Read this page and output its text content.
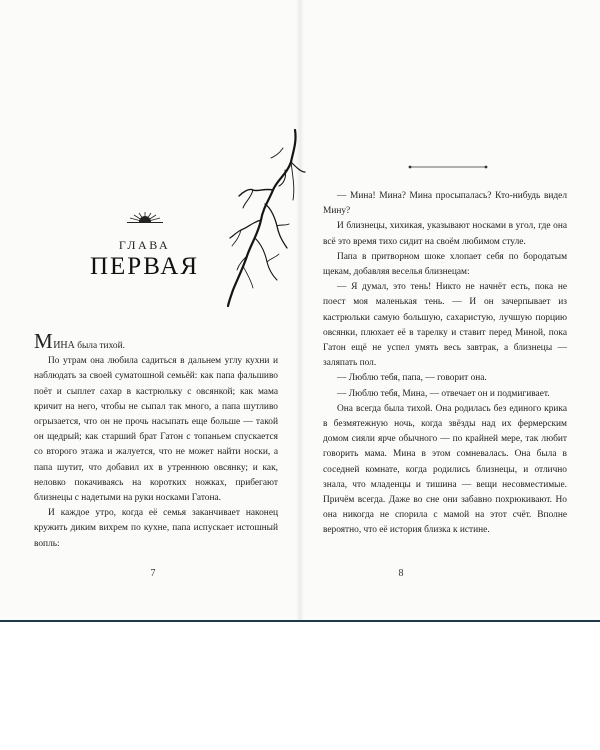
ГЛАВА
ПЕРВАЯ

МИНА была тихой.

По утрам она любила садиться в дальнем углу кухни и наблюдать за своей суматошной семьёй: как папа фальшиво поёт и сыплет сахар в кастрюльку с овсянкой; как мама кричит на него, чтобы не сыпал так много, а папа шутливо огрызается, что он не прочь насыпать еще больше — такой он щедрый; как старший брат Гатон с топаньем спускается со второго этажа и жалуется, что не может найти носки, а папа шутит, что добавил их в утреннюю овсянку; и как, неловко покачиваясь на коротких ножках, прибегают близнецы с надетыми на руки носками Гатона.

И каждое утро, когда её семья заканчивает наконец кружить диким вихрем по кухне, папа испускает истошный вопль:

7

— Мина! Мина? Мина просыпалась? Кто-нибудь видел Мину?

И близнецы, хихикая, указывают носками в угол, где она всё это время тихо сидит на своём любимом стуле.

Папа в притворном шоке хлопает себя по бородатым щекам, добавляя веселья близнецам:

— Я думал, это тень! Никто не начнёт есть, пока не поест моя маленькая тень. — И он зачерпывает из кастрюльки самую большую, сахаристую, лучшую порцию овсянки, плюхает её в тарелку и ставит перед Миной, пока Гатон ещё не успел умять весь завтрак, а близнецы — заляпать пол.

— Люблю тебя, папа, — говорит она.

— Люблю тебя, Мина, — отвечает он и подмигивает.

Она всегда была тихой. Она родилась без единого крика в безмятежную ночь, когда звёзды над их фермерским домом сияли ярче обычного — по крайней мере, так любит говорить мама. Мина в этом сомневалась. Она была в соседней комнате, когда родились близнецы, и отлично знала, что младенцы и тишина — вещи несовместимые. Причём всегда. Даже во сне они забавно похрюкивают. Но она никогда не спорила с мамой на этот счёт. Вполне вероятно, что её история близка к истине.

8
